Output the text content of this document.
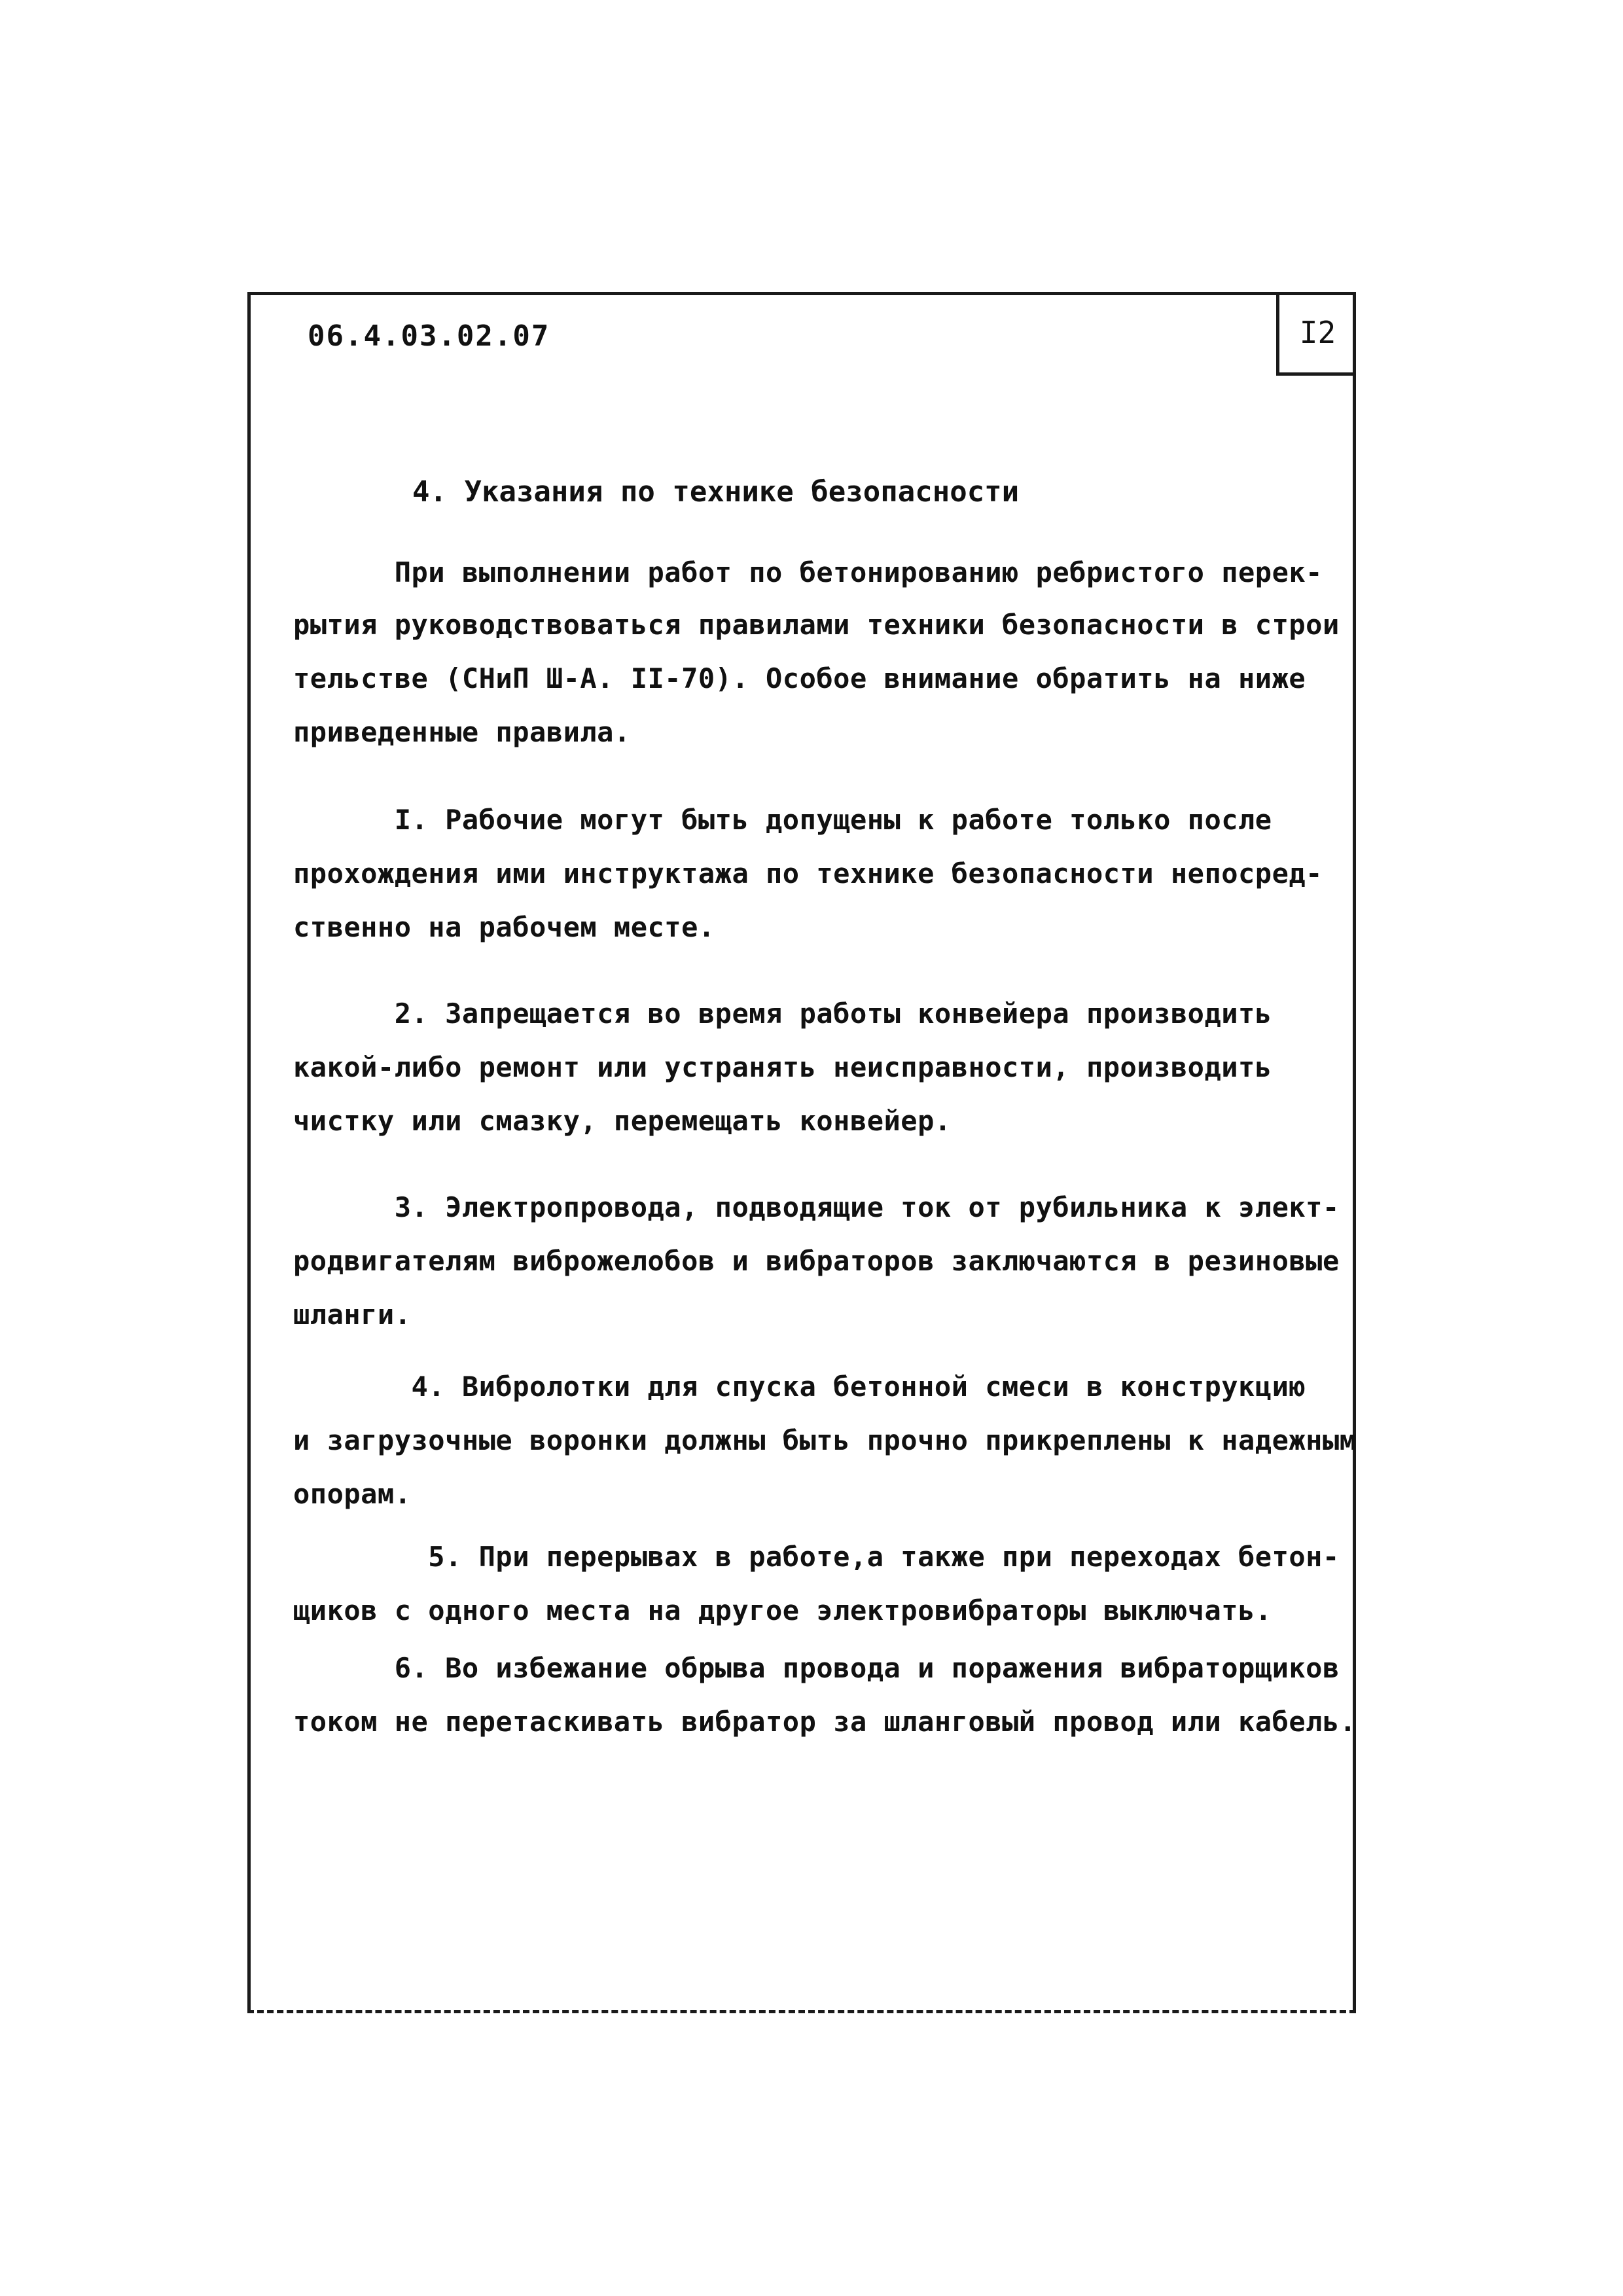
06.4.03.02.07	I2
4. Указания по технике безопасности
При выполнении работ по бетонированию ребристого перек-
рытия руководствоваться правилами техники безопасности в строи
тельстве (СНиП Ш-А. II-70). Особое внимание обратить на ниже
приведенные правила.
I. Рабочие могут быть допущены к работе только после
прохождения ими инструктажа по технике безопасности непосред-
ственно на рабочем месте.
2. Запрещается во время работы конвейера производить
какой-либо ремонт или устранять неисправности, производить
чистку или смазку, перемещать конвейер.
3. Электропровода, подводящие ток от рубильника к элект-
родвигателям виброжелобов и вибраторов заключаются в резиновые
шланги.
4. Вибролотки для спуска бетонной смеси в конструкцию
и загрузочные воронки должны быть прочно прикреплены к надежным
опорам.
5. При перерывах в работе,а также при переходах бетон-
щиков с одного места на другое электровибраторы выключать.
6. Во избежание обрыва провода и поражения вибраторщиков
током не перетаскивать вибратор за шланговый провод или кабель.
